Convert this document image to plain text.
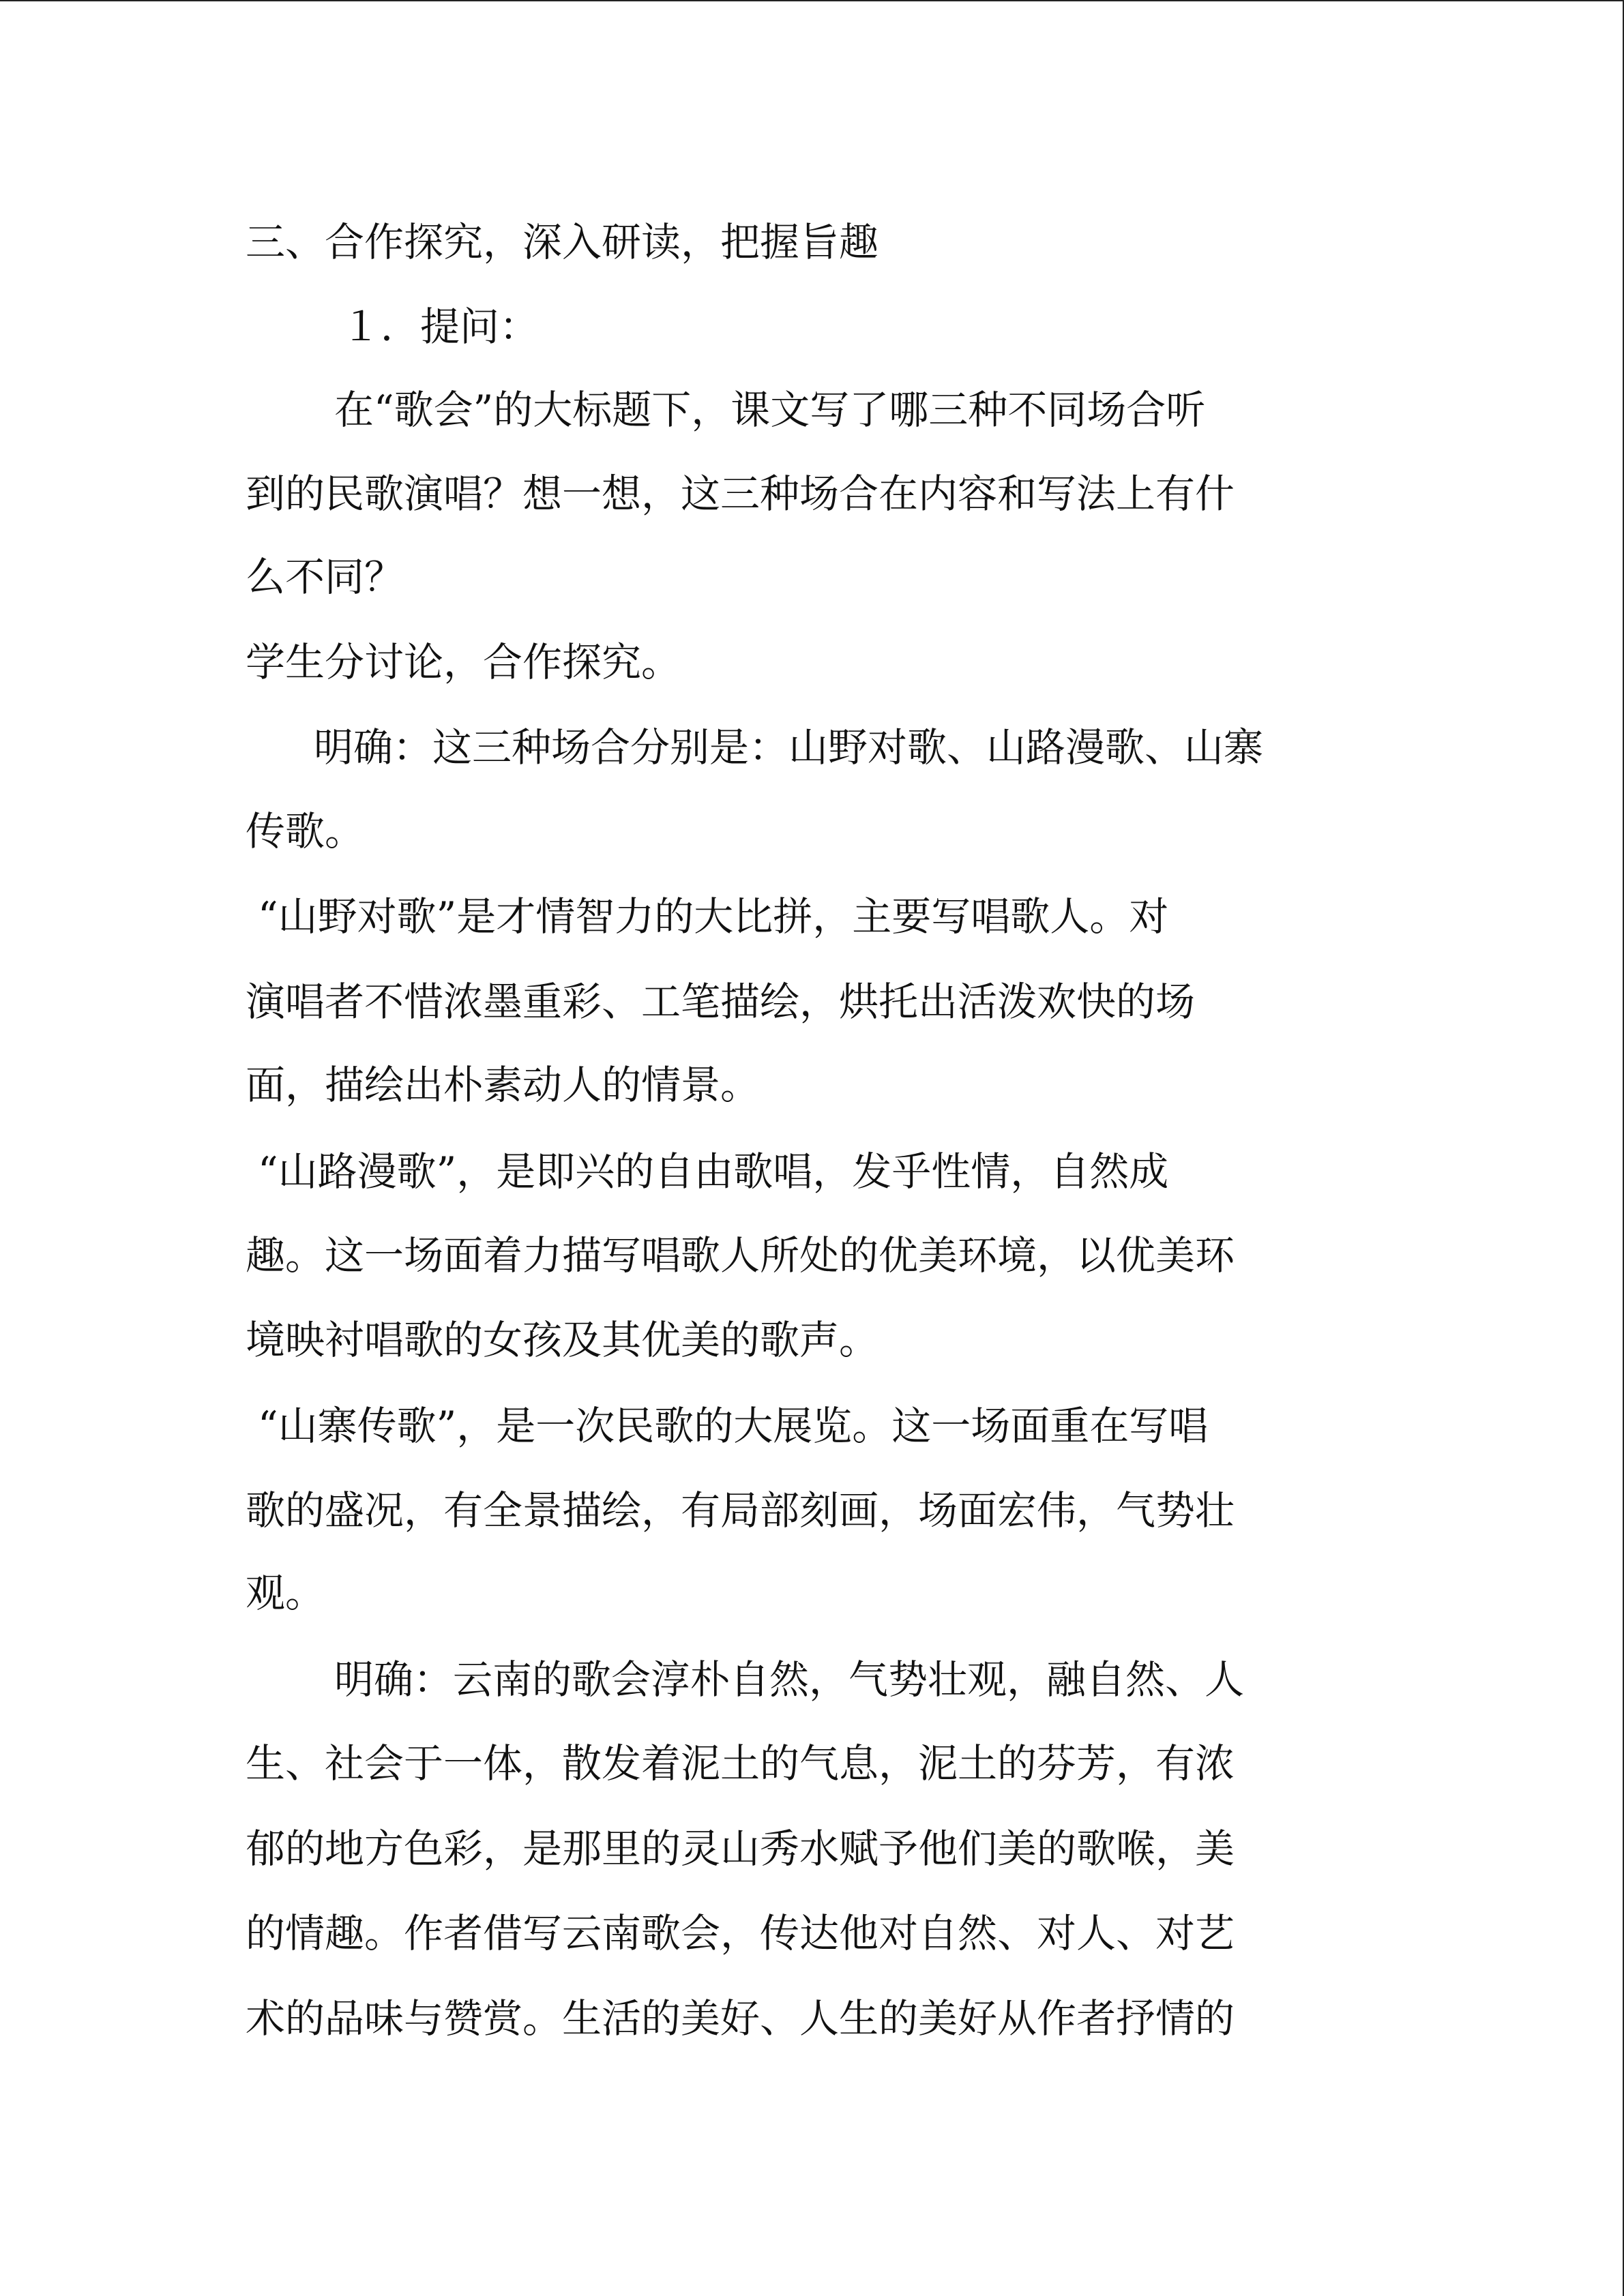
三、合作探究，深入研读，把握旨趣
１．提问：
在“歌会”的大标题下，课文写了哪三种不同场合听
到的民歌演唱？想一想，这三种场合在内容和写法上有什
么不同？
学生分讨论，合作探究。
明确：这三种场合分别是：山野对歌、山路漫歌、山寨
传歌。
“山野对歌”是才情智力的大比拼，主要写唱歌人。对
演唱者不惜浓墨重彩、工笔描绘，烘托出活泼欢快的场
面，描绘出朴素动人的情景。
“山路漫歌”，是即兴的自由歌唱，发乎性情，自然成
趣。这一场面着力描写唱歌人所处的优美环境，以优美环
境映衬唱歌的女孩及其优美的歌声。
“山寨传歌”，是一次民歌的大展览。这一场面重在写唱
歌的盛况，有全景描绘，有局部刻画，场面宏伟，气势壮
观。
明确：云南的歌会淳朴自然，气势壮观，融自然、人
生、社会于一体，散发着泥土的气息，泥土的芬芳，有浓
郁的地方色彩，是那里的灵山秀水赋予他们美的歌喉，美
的情趣。作者借写云南歌会，传达他对自然、对人、对艺
术的品味与赞赏。生活的美好、人生的美好从作者抒情的
